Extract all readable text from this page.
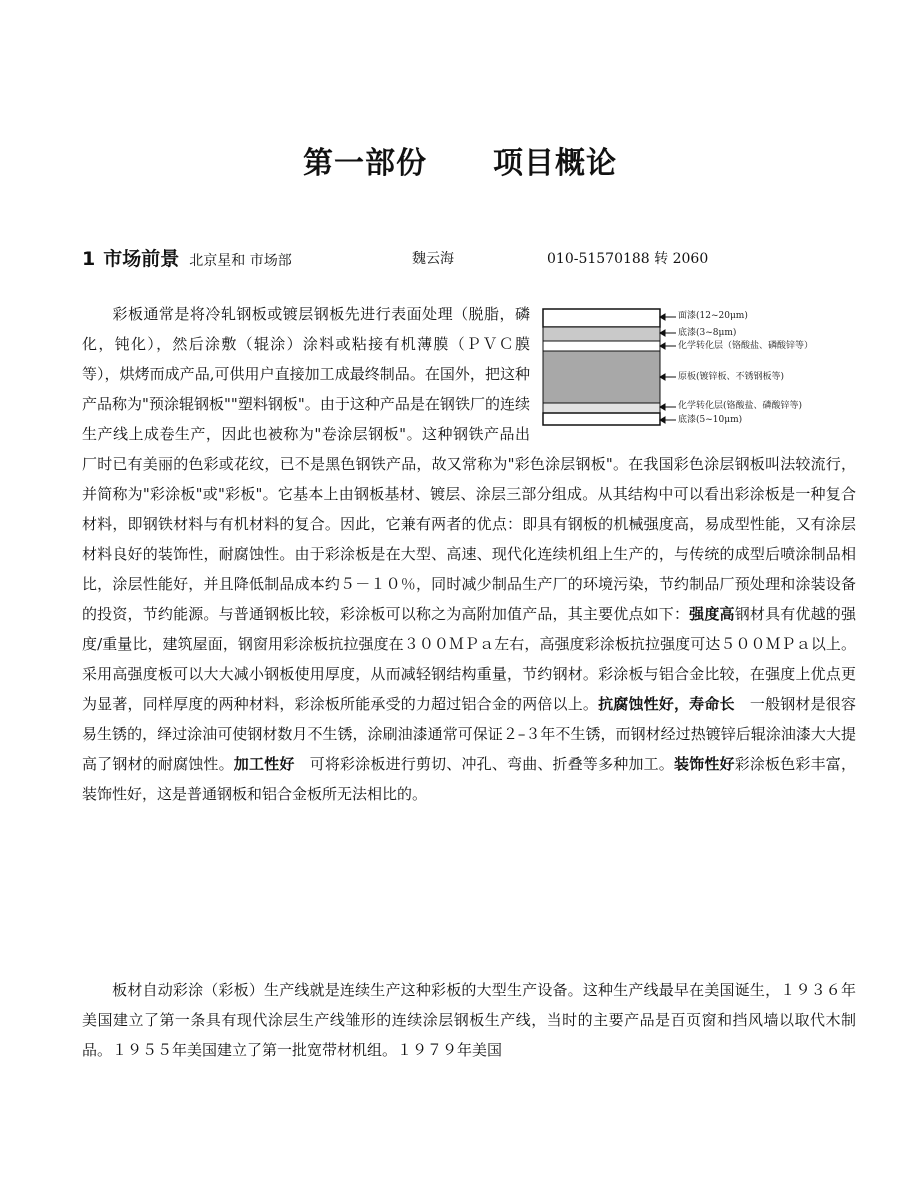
第一部份 项目概论
1 市场前景 北京星和 市场部	魏云海	010-51570188 转 2060
面漆(12~20μm)
底漆(3~8μm)
化学转化层（铬酸盐、磷酸锌等）
原板(镀锌板、不锈钢板等)
化学转化层(铬酸盐、磷酸锌等)
底漆(5~10μm)
彩板通常是将冷轧钢板或镀层钢板先进行表面处理（脱脂，磷化，钝化），然后涂敷（辊涂）涂料或粘接有机薄膜（ＰＶＣ膜等），烘烤而成产品,可供用户直接加工成最终制品。在国外，把这种产品称为"预涂辊钢板""塑料钢板"。由于这种产品是在钢铁厂的连续生产线上成卷生产，因此也被称为"卷涂层钢板"。这种钢铁产品出厂时已有美丽的色彩或花纹，已不是黑色钢铁产品，故又常称为"彩色涂层钢板"。在我国彩色涂层钢板叫法较流行，并简称为"彩涂板"或"彩板"。它基本上由钢板基材、镀层、涂层三部分组成。从其结构中可以看出彩涂板是一种复合材料，即钢铁材料与有机材料的复合。因此，它兼有两者的优点：即具有钢板的机械强度高，易成型性能，又有涂层材料良好的装饰性，耐腐蚀性。由于彩涂板是在大型、高速、现代化连续机组上生产的，与传统的成型后喷涂制品相比，涂层性能好，并且降低制品成本约５－１０％，同时减少制品生产厂的环境污染，节约制品厂预处理和涂装设备的投资，节约能源。与普通钢板比较，彩涂板可以称之为高附加值产品，其主要优点如下：强度高钢材具有优越的强度/重量比，建筑屋面，钢窗用彩涂板抗拉强度在３００ＭＰａ左右，高强度彩涂板抗拉强度可达５００ＭＰａ以上。采用高强度板可以大大减小钢板使用厚度，从而减轻钢结构重量，节约钢材。彩涂板与铝合金比较，在强度上优点更为显著，同样厚度的两种材料，彩涂板所能承受的力超过铝合金的两倍以上。抗腐蚀性好，寿命长　一般钢材是很容易生锈的，绎过涂油可使钢材数月不生锈，涂刷油漆通常可保证２–３年不生锈，而钢材经过热镀锌后辊涂油漆大大提高了钢材的耐腐蚀性。加工性好　可将彩涂板进行剪切、冲孔、弯曲、折叠等多种加工。装饰性好彩涂板色彩丰富，装饰性好，这是普通钢板和铝合金板所无法相比的。
板材自动彩涂（彩板）生产线就是连续生产这种彩板的大型生产设备。这种生产线最早在美国诞生，１９３６年美国建立了第一条具有现代涂层生产线雏形的连续涂层钢板生产线，当时的主要产品是百页窗和挡风墙以取代木制品。１９５５年美国建立了第一批宽带材机组。１９７９年美国
